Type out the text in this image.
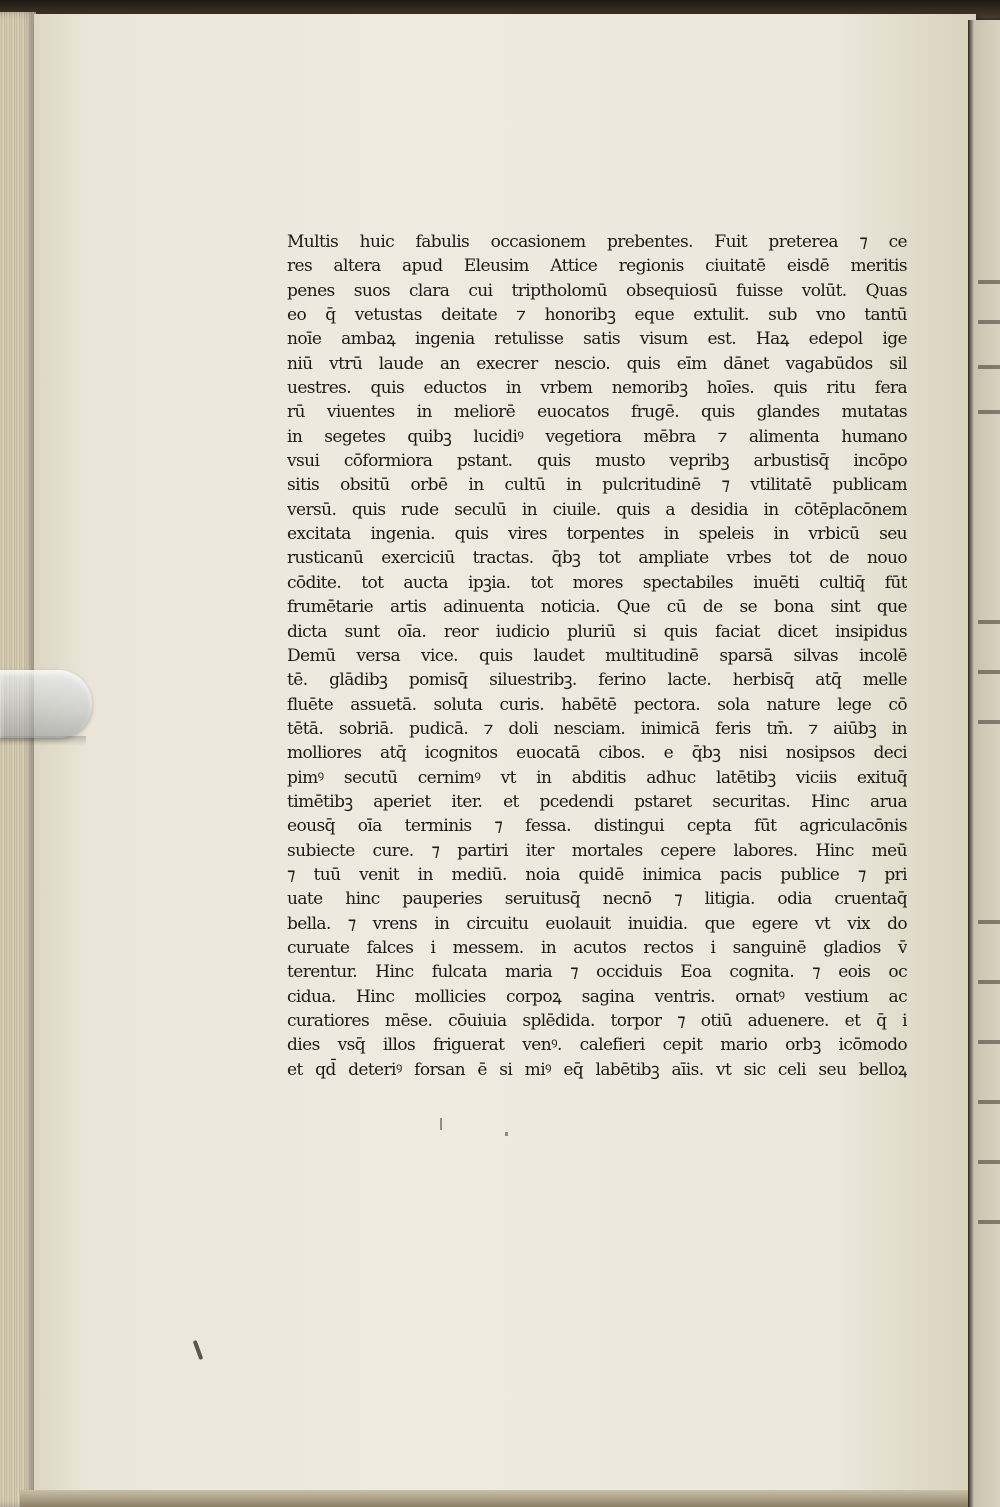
Multis huic fabulis occasionem prebentes. Fuit preterea ⁊ ce
res altera apud Eleusim Attice regionis ciuitatē eisdē meritis
penes suos clara cui triptholomū obsequiosū fuisse volūt. Quas
eo q̄ vetustas deitate ⁊ honoribꝫ eque extulit. sub vno tantū
noīe ambaꝝ ingenia retulisse satis visum est. Haꝝ edepol ige
niū vtrū laude an execrer nescio. quis eīm dānet vagabūdos sil
uestres. quis eductos in vrbem nemoribꝫ hoīes. quis ritu fera
rū viuentes in meliorē euocatos frugē. quis glandes mutatas
in segetes quibꝫ lucidiꝰ vegetiora mēbra ⁊ alimenta humano
vsui cōformiora pstant. quis musto vepribꝫ arbustisq̄ incōpo
sitis obsitū orbē in cultū in pulcritudinē ⁊ vtilitatē publicam
versū. quis rude seculū in ciuile. quis a desidia in cōtēplacōnem
excitata ingenia. quis vires torpentes in speleis in vrbicū seu
rusticanū exerciciū tractas. q̄bꝫ tot ampliate vrbes tot de nouo
cōdite. tot aucta ipꝫia. tot mores spectabiles inuēti cultiq̄ fūt
frumētarie artis adinuenta noticia. Que cū de se bona sint que
dicta sunt oīa. reor iudicio pluriū si quis faciat dicet insipidus
Demū versa vice. quis laudet multitudinē sparsā silvas incolē
tē. glādibꝫ pomisq̄ siluestribꝫ. ferino lacte. herbisq̄ atq̄ melle
fluēte assuetā. soluta curis. habētē pectora. sola nature lege cō
tētā. sobriā. pudicā. ⁊ doli nesciam. inimicā feris tm̄. ⁊ aiūbꝫ in
molliores atq̄ icognitos euocatā cibos. e q̄bꝫ nisi nosipsos deci
pimꝰ secutū cernimꝰ vt in abditis adhuc latētibꝫ viciis exituq̄
timētibꝫ aperiet iter. et pcedendi pstaret securitas. Hinc arua
eousq̄ oīa terminis ⁊ fessa. distingui cepta fūt agriculacōnis
subiecte cure. ⁊ partiri iter mortales cepere labores. Hinc meū
⁊ tuū venit in mediū. noia quidē inimica pacis publice ⁊ pri
uate hinc pauperies seruitusq̄ necnō ⁊ litigia. odia cruentaq̄
bella. ⁊ vrens in circuitu euolauit inuidia. que egere vt vix do
curuate falces i messem. in acutos rectos i sanguinē gladios v̄
terentur. Hinc fulcata maria ⁊ occiduis Eoa cognita. ⁊ eois oc
cidua. Hinc mollicies corpoꝝ sagina ventris. ornatꝰ vestium ac
curatiores mēse. cōuiuia splēdida. torpor ⁊ otiū aduenere. et q̄ i
dies vsq̄ illos friguerat venꝰ. calefieri cepit mario orbꝫ icōmodo
et qd̄ deteriꝰ forsan ē si miꝰ eq̄ labētibꝫ aīis. vt sic celi seu belloꝝ
